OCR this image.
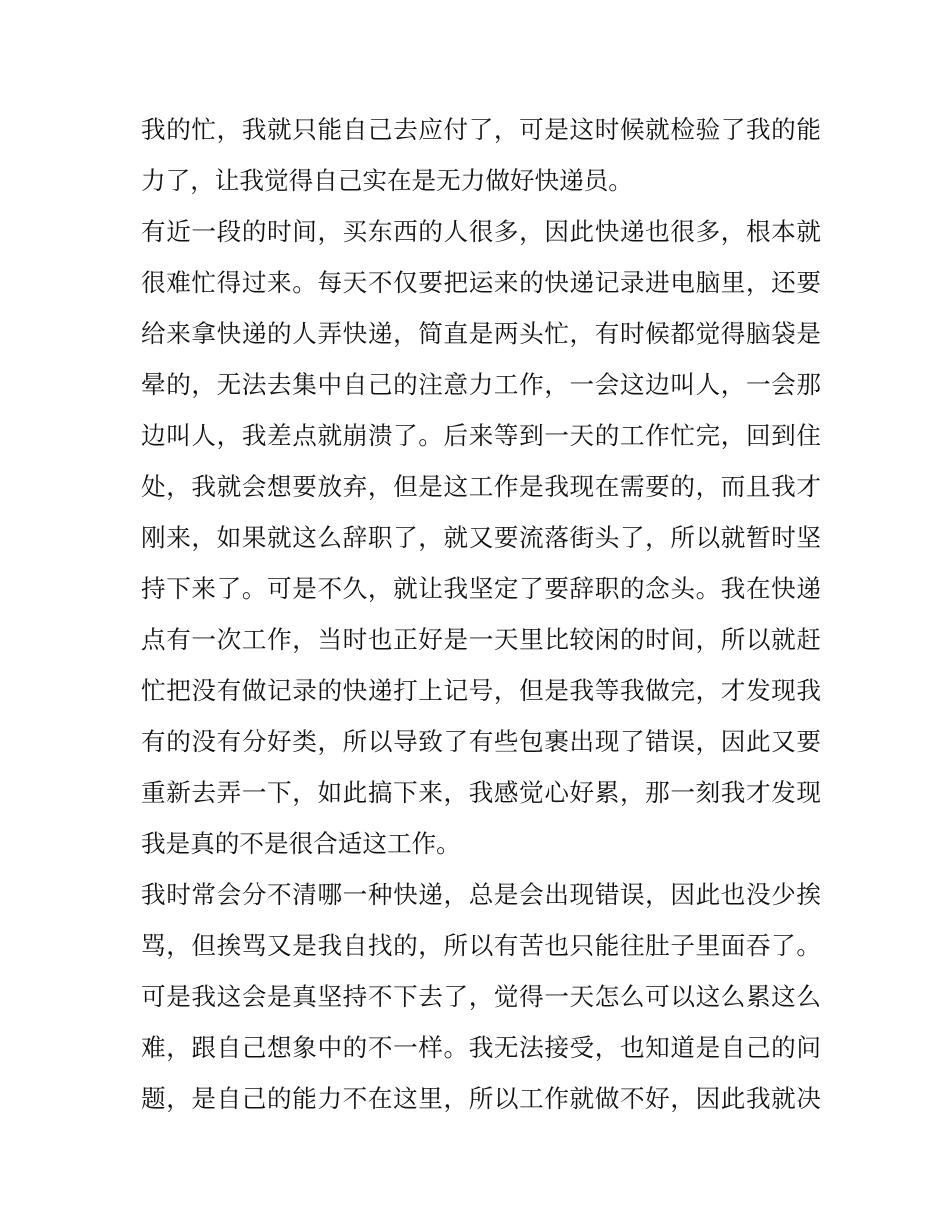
我的忙，我就只能自己去应付了，可是这时候就检验了我的能
力了，让我觉得自己实在是无力做好快递员。
有近一段的时间，买东西的人很多，因此快递也很多，根本就
很难忙得过来。每天不仅要把运来的快递记录进电脑里，还要
给来拿快递的人弄快递，简直是两头忙，有时候都觉得脑袋是
晕的，无法去集中自己的注意力工作，一会这边叫人，一会那
边叫人，我差点就崩溃了。后来等到一天的工作忙完，回到住
处，我就会想要放弃，但是这工作是我现在需要的，而且我才
刚来，如果就这么辞职了，就又要流落街头了，所以就暂时坚
持下来了。可是不久，就让我坚定了要辞职的念头。我在快递
点有一次工作，当时也正好是一天里比较闲的时间，所以就赶
忙把没有做记录的快递打上记号，但是我等我做完，才发现我
有的没有分好类，所以导致了有些包裹出现了错误，因此又要
重新去弄一下，如此搞下来，我感觉心好累，那一刻我才发现
我是真的不是很合适这工作。
我时常会分不清哪一种快递，总是会出现错误，因此也没少挨
骂，但挨骂又是我自找的，所以有苦也只能往肚子里面吞了。
可是我这会是真坚持不下去了，觉得一天怎么可以这么累这么
难，跟自己想象中的不一样。我无法接受，也知道是自己的问
题，是自己的能力不在这里，所以工作就做不好，因此我就决
